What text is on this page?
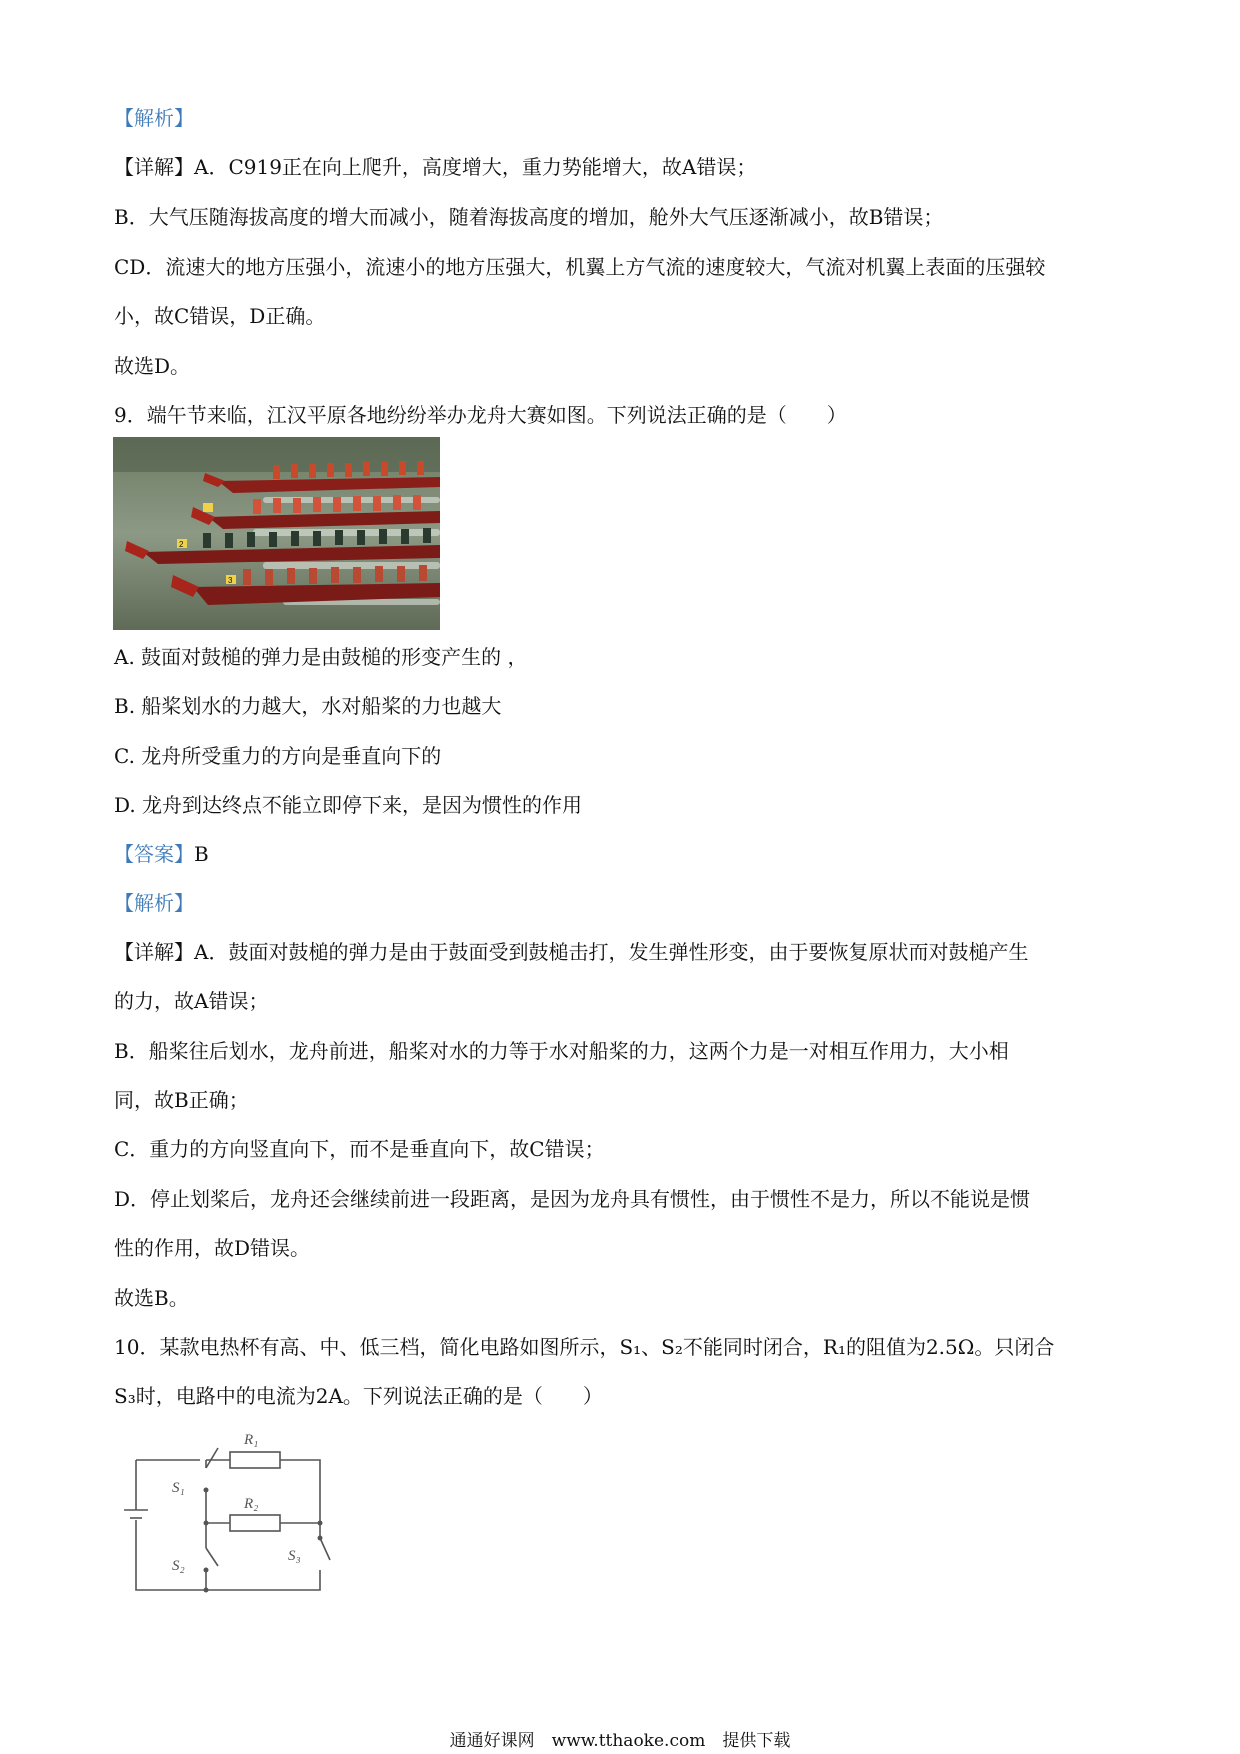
【解析】
【详解】A．C919正在向上爬升，高度增大，重力势能增大，故A错误；
B．大气压随海拔高度的增大而减小，随着海拔高度的增加，舱外大气压逐渐减小，故B错误；
CD．流速大的地方压强小，流速小的地方压强大，机翼上方气流的速度较大，气流对机翼上表面的压强较
小，故C错误，D正确。
故选D。
9．端午节来临，江汉平原各地纷纷举办龙舟大赛如图。下列说法正确的是（　　）
2
3
A. 鼓面对鼓槌的弹力是由鼓槌的形变产生的 ，
B. 船桨划水的力越大，水对船桨的力也越大
C. 龙舟所受重力的方向是垂直向下的
D. 龙舟到达终点不能立即停下来，是因为惯性的作用
【答案】B
【解析】
【详解】A．鼓面对鼓槌的弹力是由于鼓面受到鼓槌击打，发生弹性形变，由于要恢复原状而对鼓槌产生
的力，故A错误；
B．船桨往后划水，龙舟前进，船桨对水的力等于水对船桨的力，这两个力是一对相互作用力，大小相
同，故B正确；
C．重力的方向竖直向下，而不是垂直向下，故C错误；
D．停止划桨后，龙舟还会继续前进一段距离，是因为龙舟具有惯性，由于惯性不是力，所以不能说是惯
性的作用，故D错误。
故选B。
10．某款电热杯有高、中、低三档，简化电路如图所示，S₁、S₂不能同时闭合，R₁的阻值为2.5Ω。只闭合
S₃时，电路中的电流为2A。下列说法正确的是（　　）
R₁
R₂
S₁
S₂
S₃
通通好课网　www.tthaoke.com　提供下载
